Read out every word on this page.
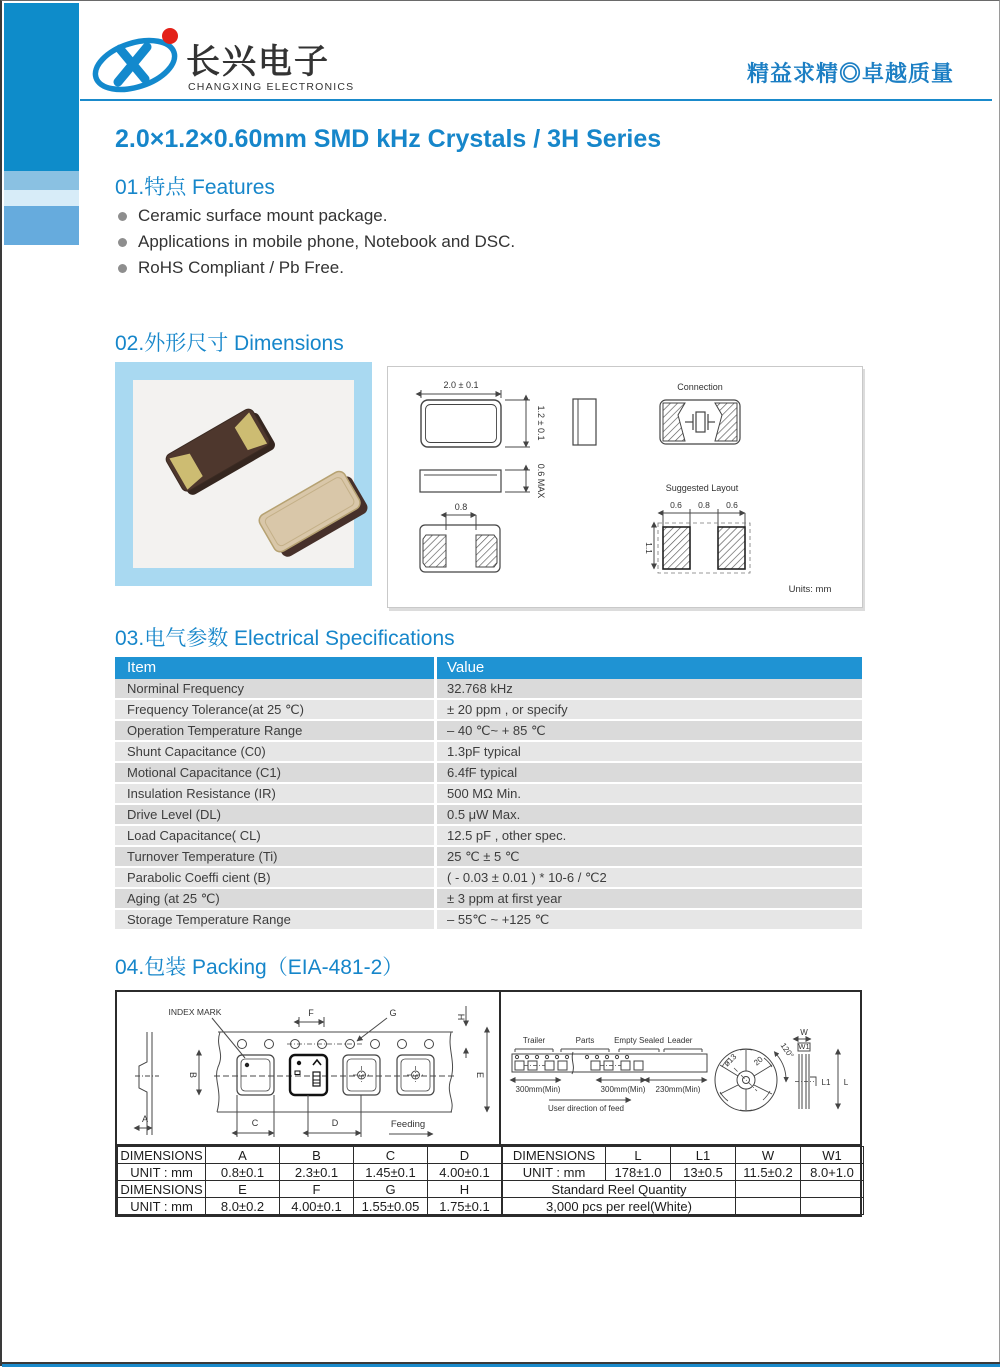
长兴电子
CHANGXING ELECTRONICS
精益求精◎卓越质量
2.0×1.2×0.60mm SMD kHz Crystals / 3H Series
01.特点 Features
Ceramic surface mount package.
Applications in mobile phone, Notebook and DSC.
RoHS Compliant / Pb Free.
02.外形尺寸 Dimensions
2.0 ± 0.1
1.2 ± 0.1
0.6 MAX
0.8
Connection
Suggested Layout
0.6 0.8 0.6
1.1
Units: mm
03.电气参数 Electrical Specifications
Item	Value
Norminal Frequency	32.768 kHz
Frequency Tolerance(at 25 ℃)	± 20 ppm , or specify
Operation Temperature Range	– 40 ℃~ + 85 ℃
Shunt Capacitance (C0)	1.3pF typical
Motional Capacitance (C1)	6.4fF typical
Insulation Resistance (IR)	500 MΩ Min.
Drive Level (DL)	0.5 μW Max.
Load Capacitance( CL)	12.5 pF , other spec.
Turnover Temperature (Ti)	25 ℃ ± 5 ℃
Parabolic Coeffi cient (B)	( - 0.03 ± 0.01 ) * 10-6 / ℃2
Aging (at 25 ℃)	± 3 ppm at first year
Storage Temperature Range	– 55℃ ~ +125 ℃
04.包装 Packing（EIA-481-2）
INDEX MARK
A
F	G	H
B	E
C	D	Feeding
Trailer	Parts Empty Sealed Leader
300mm(Min)	300mm(Min) 230mm(Min)
User direction of feed
ø13 20
120°
W
W1
L1 L
DIMENSIONS	A	B	C	D
UNIT : mm	0.8±0.1	2.3±0.1	1.45±0.1	4.00±0.1
DIMENSIONS	E	F	G	H
UNIT : mm	8.0±0.2	4.00±0.1	1.55±0.05	1.75±0.1
DIMENSIONS	L	L1	W	W1
UNIT : mm	178±1.0	13±0.5	11.5±0.2	8.0+1.0
Standard Reel Quantity				
3,000 pcs per reel(White)				
